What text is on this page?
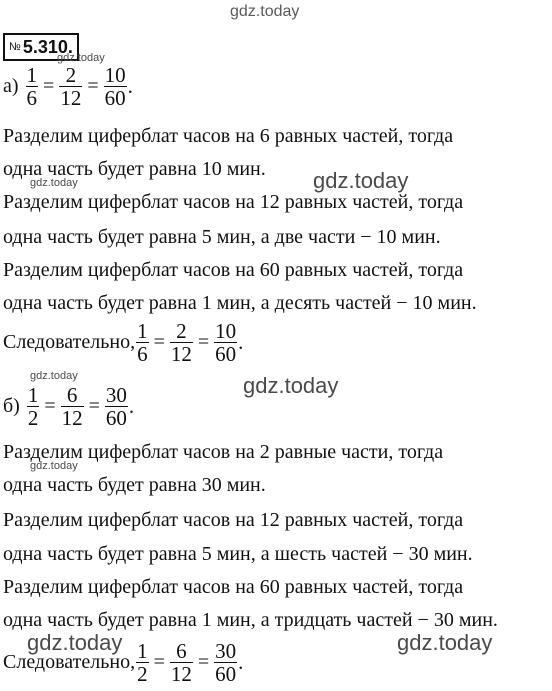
gdz.today
№ 5.310.
gdz.today
$а) \frac{1}{6} = \frac{2}{12} = \frac{10}{60}$ .
Разделим циферблат часов на 6 равных частей, тогда
одна часть будет равна 10 мин.
gdz.today	gdz.today
Разделим циферблат часов на 12 равных частей, тогда
одна часть будет равна 5 мин, а две части − 10 мин.
Разделим циферблат часов на 60 равных частей, тогда
одна часть будет равна 1 мин, а десять частей − 10 мин.
Следовательно, $\frac{1}{6} = \frac{2}{12} = \frac{10}{60}$ .
gdz.today
gdz.today
$б) \frac{1}{2} = \frac{6}{12} = \frac{30}{60}$ .
Разделим циферблат часов на 2 равные части, тогда
gdz.today
одна часть будет равна 30 мин.
Разделим циферблат часов на 12 равных частей, тогда
одна часть будет равна 5 мин, а шесть частей − 30 мин.
Разделим циферблат часов на 60 равных частей, тогда
одна часть будет равна 1 мин, а тридцать частей − 30 мин.
gdz.today	gdz.today
Следовательно, $\frac{1}{2} = \frac{6}{12} = \frac{30}{60}$ .
